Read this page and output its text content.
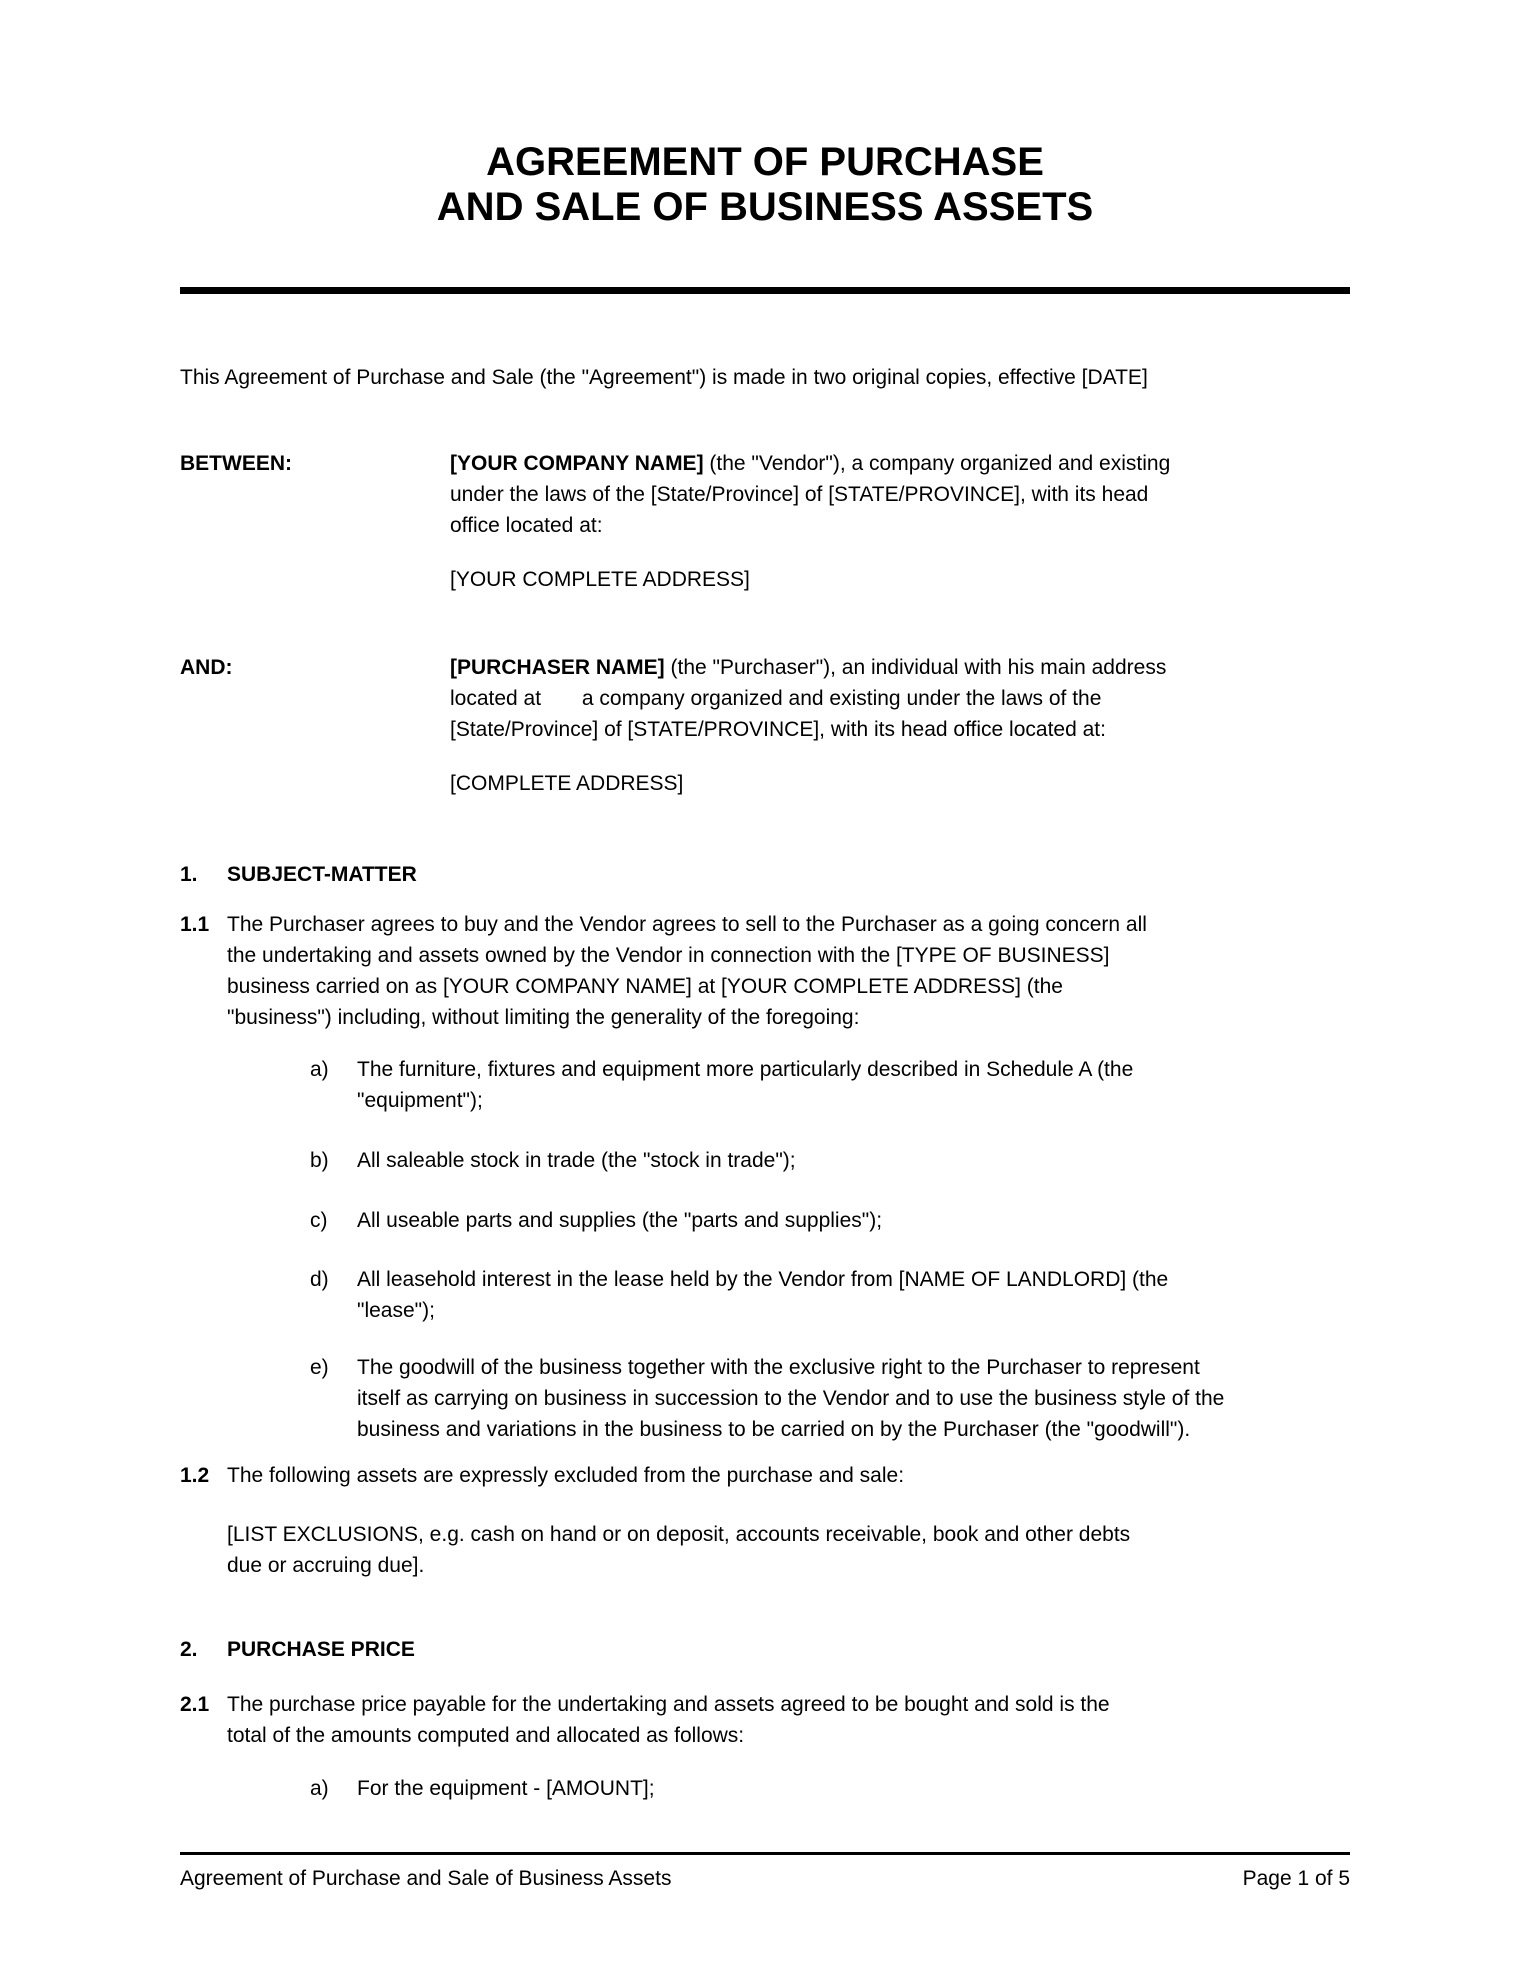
AGREEMENT OF PURCHASE
AND SALE OF BUSINESS ASSETS
This Agreement of Purchase and Sale (the "Agreement") is made in two original copies, effective [DATE]
BETWEEN:	[YOUR COMPANY NAME] (the "Vendor"), a company organized and existing
under the laws of the [State/Province] of [STATE/PROVINCE], with its head
office located at:
[YOUR COMPLETE ADDRESS]
AND:	[PURCHASER NAME] (the "Purchaser"), an individual with his main address
located at       a company organized and existing under the laws of the
[State/Province] of [STATE/PROVINCE], with its head office located at:
[COMPLETE ADDRESS]
1.	SUBJECT-MATTER
1.1 The Purchaser agrees to buy and the Vendor agrees to sell to the Purchaser as a going concern all
the undertaking and assets owned by the Vendor in connection with the [TYPE OF BUSINESS]
business carried on as [YOUR COMPANY NAME] at [YOUR COMPLETE ADDRESS] (the
"business") including, without limiting the generality of the foregoing:
a)	The furniture, fixtures and equipment more particularly described in Schedule A (the
"equipment");
b)	All saleable stock in trade (the "stock in trade");
c)	All useable parts and supplies (the "parts and supplies");
d)	All leasehold interest in the lease held by the Vendor from [NAME OF LANDLORD] (the
"lease");
e)	The goodwill of the business together with the exclusive right to the Purchaser to represent
itself as carrying on business in succession to the Vendor and to use the business style of the
business and variations in the business to be carried on by the Purchaser (the "goodwill").
1.2 The following assets are expressly excluded from the purchase and sale:
[LIST EXCLUSIONS, e.g. cash on hand or on deposit, accounts receivable, book and other debts
due or accruing due].
2.	PURCHASE PRICE
2.1 The purchase price payable for the undertaking and assets agreed to be bought and sold is the
total of the amounts computed and allocated as follows:
a)	For the equipment - [AMOUNT];
Agreement of Purchase and Sale of Business Assets	Page 1 of 5
